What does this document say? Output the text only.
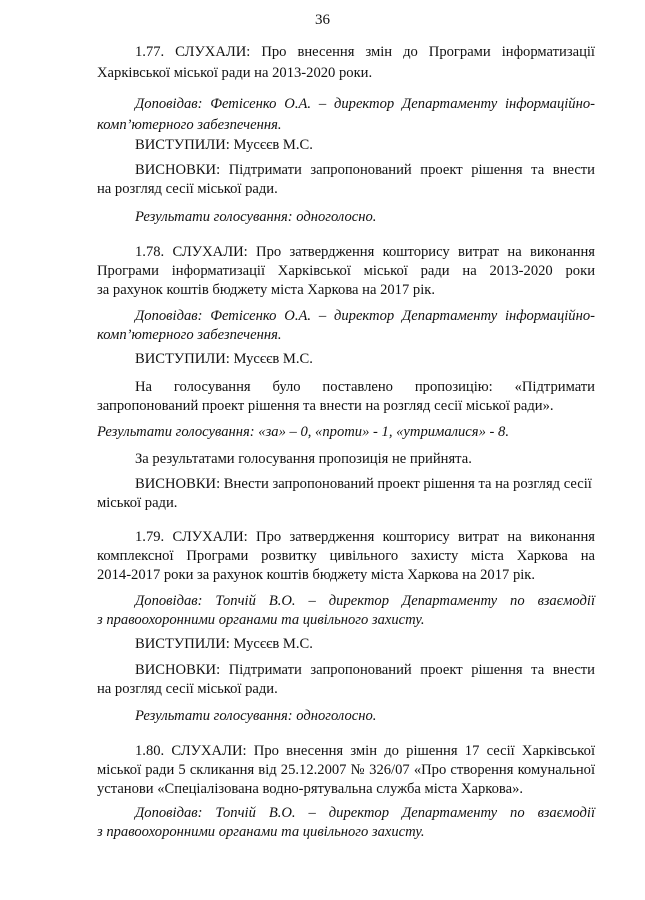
36
1.77. СЛУХАЛИ: Про внесення змін до Програми інформатизації
Харківської міської ради на 2013-2020 роки.
Доповідав: Фетісенко О.А. – директор Департаменту інформаційно-
комп’ютерного забезпечення.
ВИСТУПИЛИ: Мусєєв М.С.
ВИСНОВКИ: Підтримати запропонований проект рішення та внести
на розгляд сесії міської ради.
Результати голосування: одноголосно.
1.78. СЛУХАЛИ: Про затвердження кошторису витрат на виконання
Програми інформатизації Харківської міської ради на 2013-2020 роки
за рахунок коштів бюджету міста Харкова на 2017 рік.
Доповідав: Фетісенко О.А. – директор Департаменту інформаційно-
комп’ютерного забезпечення.
ВИСТУПИЛИ: Мусєєв М.С.
На голосування було поставлено пропозицію: «Підтримати
запропонований проект рішення та внести на розгляд сесії міської ради».
Результати голосування: «за» – 0, «проти» - 1, «утрималися» - 8.
За результатами голосування пропозиція не прийнята.
ВИСНОВКИ: Внести запропонований проект рішення та на розгляд сесії
міської ради.
1.79. СЛУХАЛИ: Про затвердження кошторису витрат на виконання
комплексної Програми розвитку цивільного захисту міста Харкова на
2014-2017 роки за рахунок коштів бюджету міста Харкова на 2017 рік.
Доповідав: Топчій В.О. – директор Департаменту по взаємодії
з правоохоронними органами та цивільного захисту.
ВИСТУПИЛИ: Мусєєв М.С.
ВИСНОВКИ: Підтримати запропонований проект рішення та внести
на розгляд сесії міської ради.
Результати голосування: одноголосно.
1.80. СЛУХАЛИ: Про внесення змін до рішення 17 сесії Харківської
міської ради 5 скликання від 25.12.2007 № 326/07 «Про створення комунальної
установи «Спеціалізована водно-рятувальна служба міста Харкова».
Доповідав: Топчій В.О. – директор Департаменту по взаємодії
з правоохоронними органами та цивільного захисту.
